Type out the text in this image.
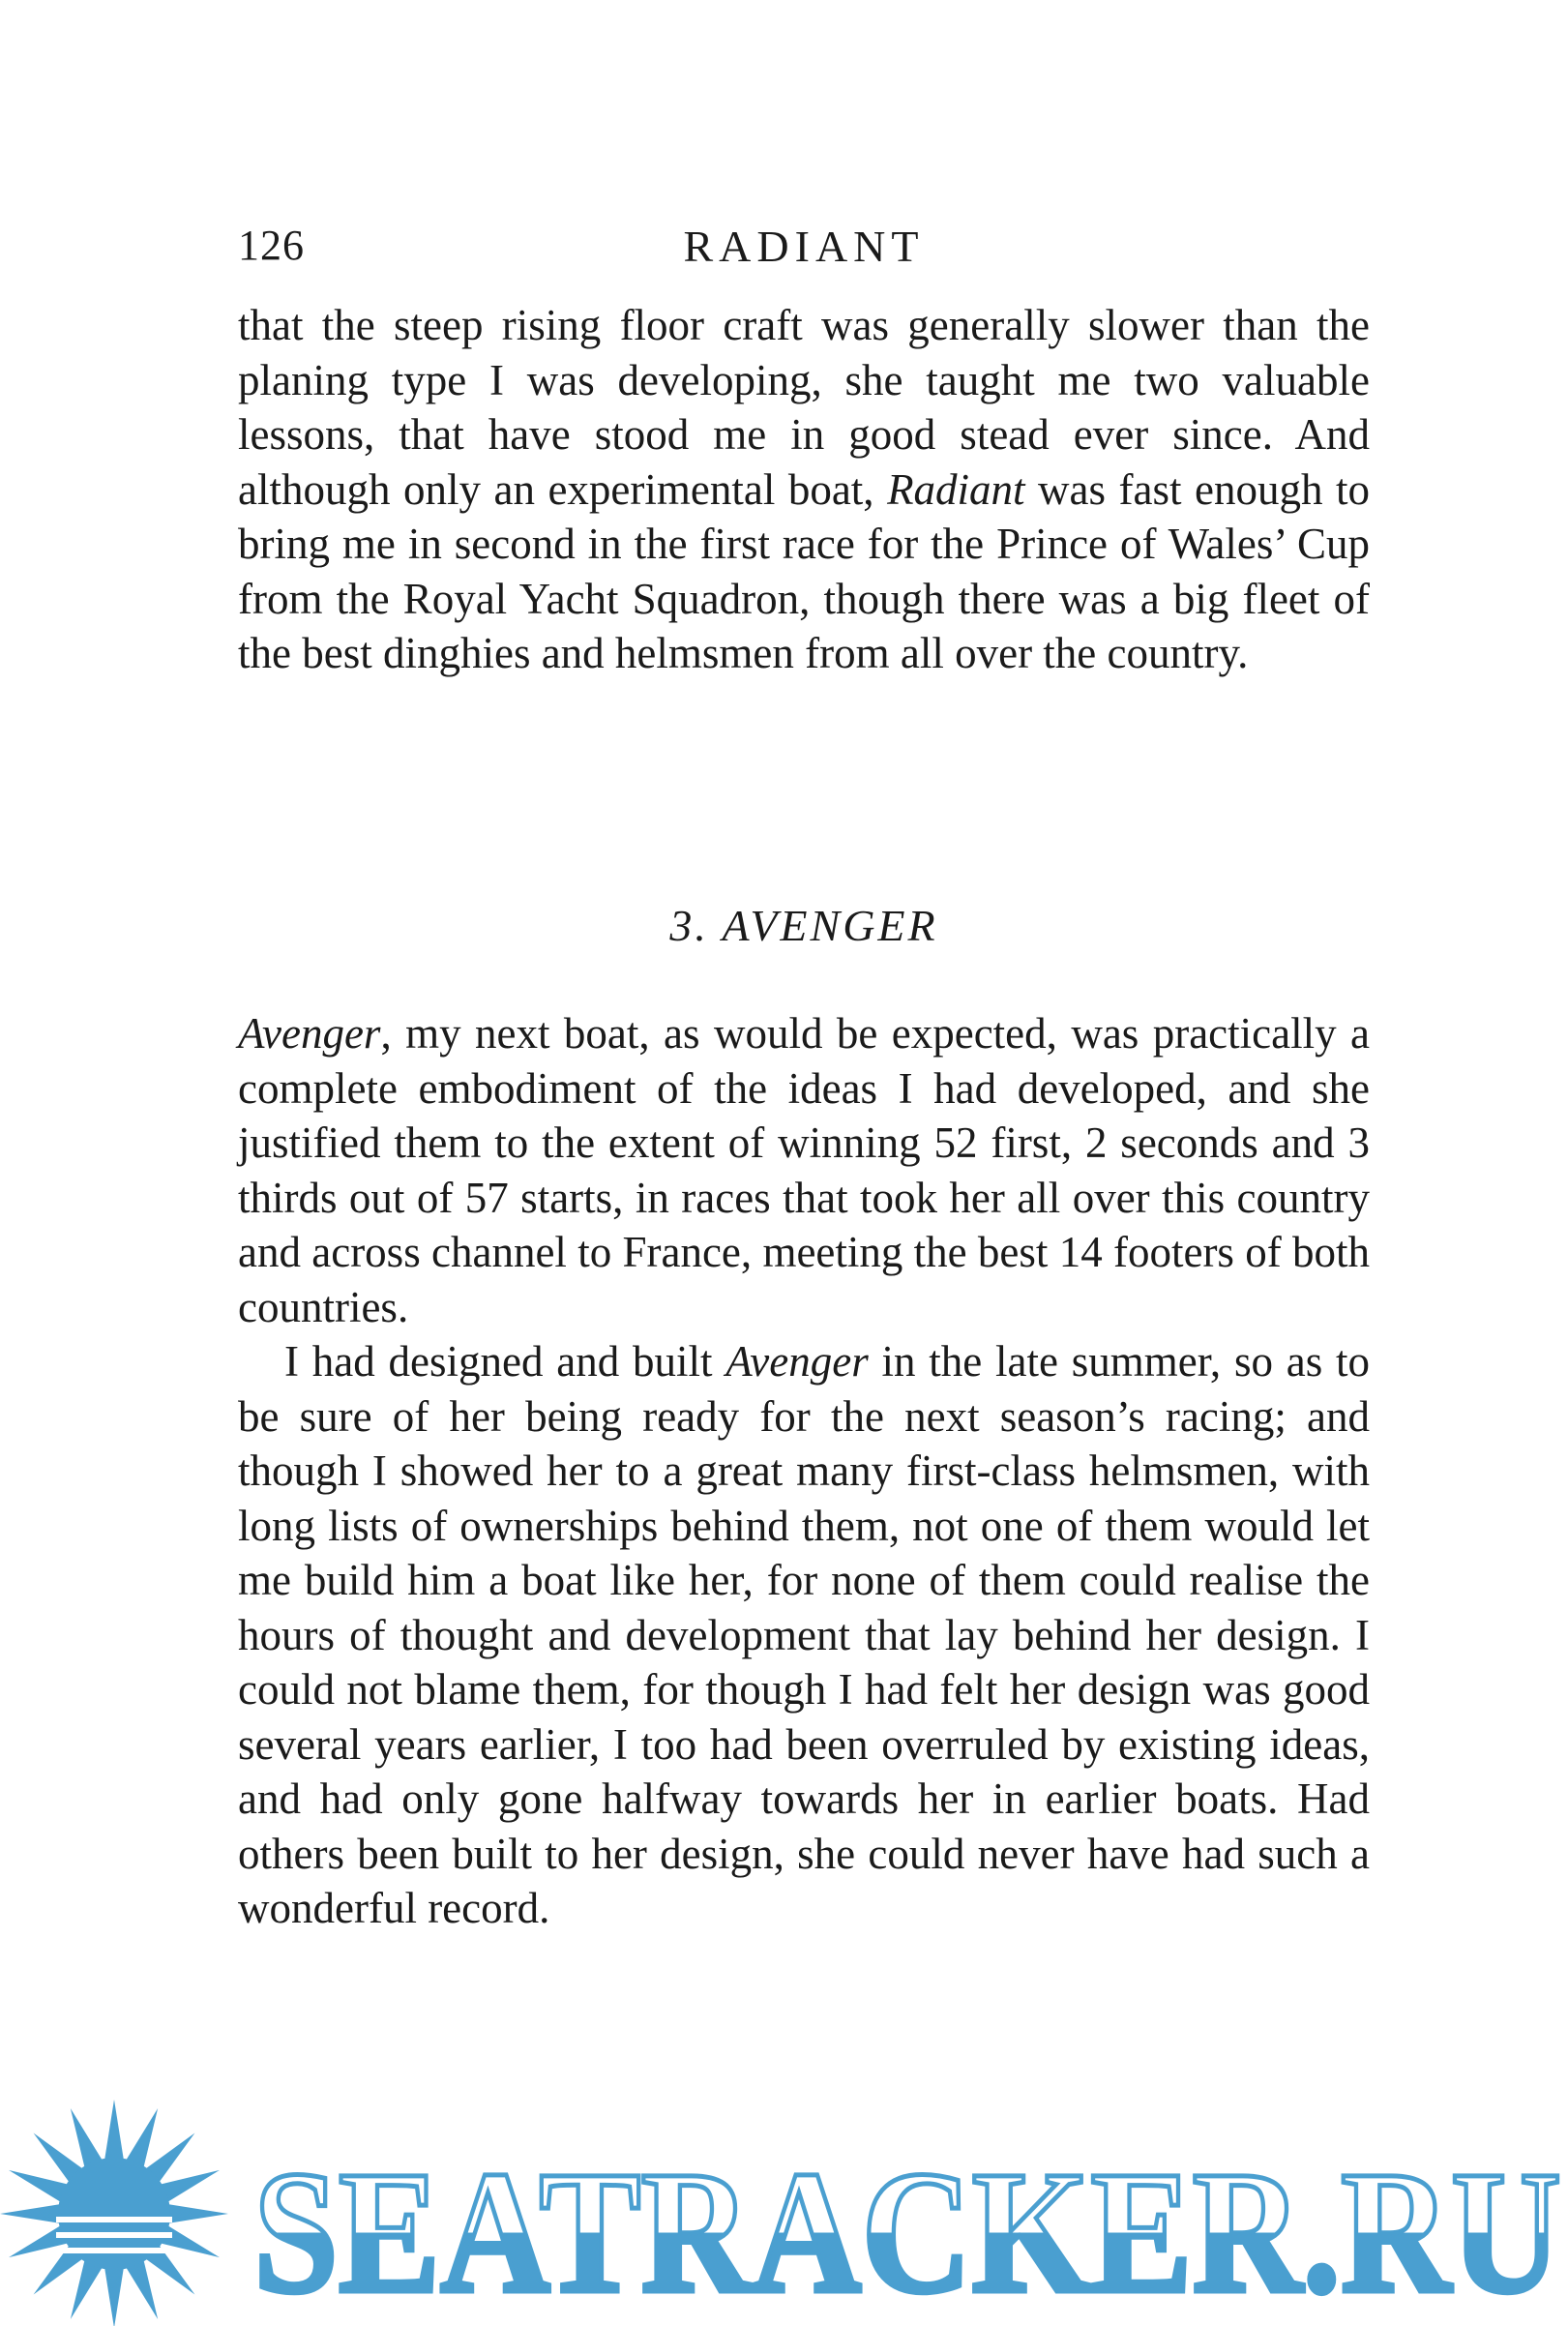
126	RADIANT

that the steep rising floor craft was generally slower than the planing type I was developing, she taught me two valuable lessons, that have stood me in good stead ever since. And although only an experimental boat, Radiant was fast enough to bring me in second in the first race for the Prince of Wales’ Cup from the Royal Yacht Squadron, though there was a big fleet of the best dinghies and helmsmen from all over the country.

3. AVENGER

Avenger, my next boat, as would be expected, was practically a complete embodiment of the ideas I had developed, and she justified them to the extent of winning 52 first, 2 seconds and 3 thirds out of 57 starts, in races that took her all over this country and across channel to France, meeting the best 14 footers of both countries.

I had designed and built Avenger in the late summer, so as to be sure of her being ready for the next season’s racing; and though I showed her to a great many first-class helmsmen, with long lists of ownerships behind them, not one of them would let me build him a boat like her, for none of them could realise the hours of thought and development that lay behind her design. I could not blame them, for though I had felt her design was good several years earlier, I too had been overruled by existing ideas, and had only gone halfway towards her in earlier boats. Had others been built to her design, she could never have had such a wonderful record.

SEATRACKER.RU
